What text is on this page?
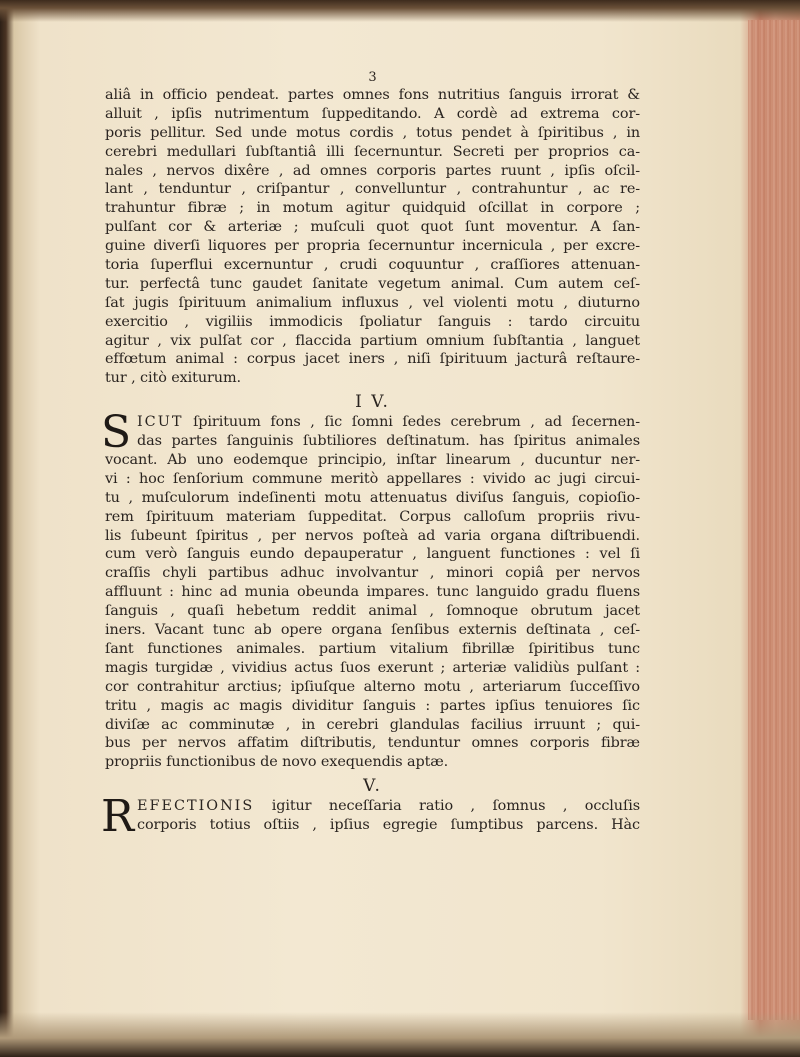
3
aliâ in officio pendeat. partes omnes fons nutritius ſanguis irrorat &
alluit , ipſis nutrimentum ſuppeditando. A cordè ad extrema cor-
poris pellitur. Sed unde motus cordis , totus pendet à ſpiritibus , in
cerebri medullari ſubſtantiâ illi ſecernuntur. Secreti per proprios ca-
nales , nervos dixêre , ad omnes corporis partes ruunt , ipſis oſcil-
lant , tenduntur , criſpantur , convelluntur , contrahuntur , ac re-
trahuntur fibræ ; in motum agitur quidquid oſcillat in corpore ;
pulſant cor & arteriæ ; muſculi quot quot ſunt moventur. A ſan-
guine diverſi liquores per propria ſecernuntur incernicula , per excre-
toria ſuperflui excernuntur , crudi coquuntur , craſſiores attenuan-
tur. perfectâ tunc gaudet ſanitate vegetum animal. Cum autem ceſ-
ſat jugis ſpirituum animalium influxus , vel violenti motu , diuturno
exercitio , vigiliis immodicis ſpoliatur ſanguis : tardo circuitu
agitur , vix pulſat cor , flaccida partium omnium ſubſtantia , languet
effœtum animal : corpus jacet iners , niſi ſpirituum jacturâ reſtaure-
tur , citò exiturum.
I V.
S ICUT ſpirituum fons , ſic ſomni ſedes cerebrum , ad ſecernen-
das partes ſanguinis ſubtiliores deſtinatum. has ſpiritus animales
vocant. Ab uno eodemque principio, inſtar linearum , ducuntur ner-
vi : hoc ſenſorium commune meritò appellares : vivido ac jugi circui-
tu , muſculorum indeſinenti motu attenuatus diviſus ſanguis, copioſio-
rem ſpirituum materiam ſuppeditat. Corpus calloſum propriis rivu-
lis ſubeunt ſpiritus , per nervos poſteà ad varia organa diſtribuendi.
cum verò ſanguis eundo depauperatur , languent functiones : vel ſi
craſſis chyli partibus adhuc involvantur , minori copiâ per nervos
affluunt : hinc ad munia obeunda impares. tunc languido gradu fluens
ſanguis , quaſi hebetum reddit animal , ſomnoque obrutum jacet
iners. Vacant tunc ab opere organa ſenſibus externis deſtinata , ceſ-
ſant functiones animales. partium vitalium fibrillæ ſpiritibus tunc
magis turgidæ , vividius actus ſuos exerunt ; arteriæ validiùs pulſant :
cor contrahitur arctius; ipſiuſque alterno motu , arteriarum ſucceſſivo
tritu , magis ac magis dividitur ſanguis : partes ipſius tenuiores ſic
diviſæ ac comminutæ , in cerebri glandulas facilius irruunt ; qui-
bus per nervos affatim diſtributis, tenduntur omnes corporis fibræ
propriis functionibus de novo exequendis aptæ.
V.
R EFECTIONIS igitur neceſſaria ratio , ſomnus , occluſis
corporis totius oſtiis , ipſius egregie ſumptibus parcens. Hàc
